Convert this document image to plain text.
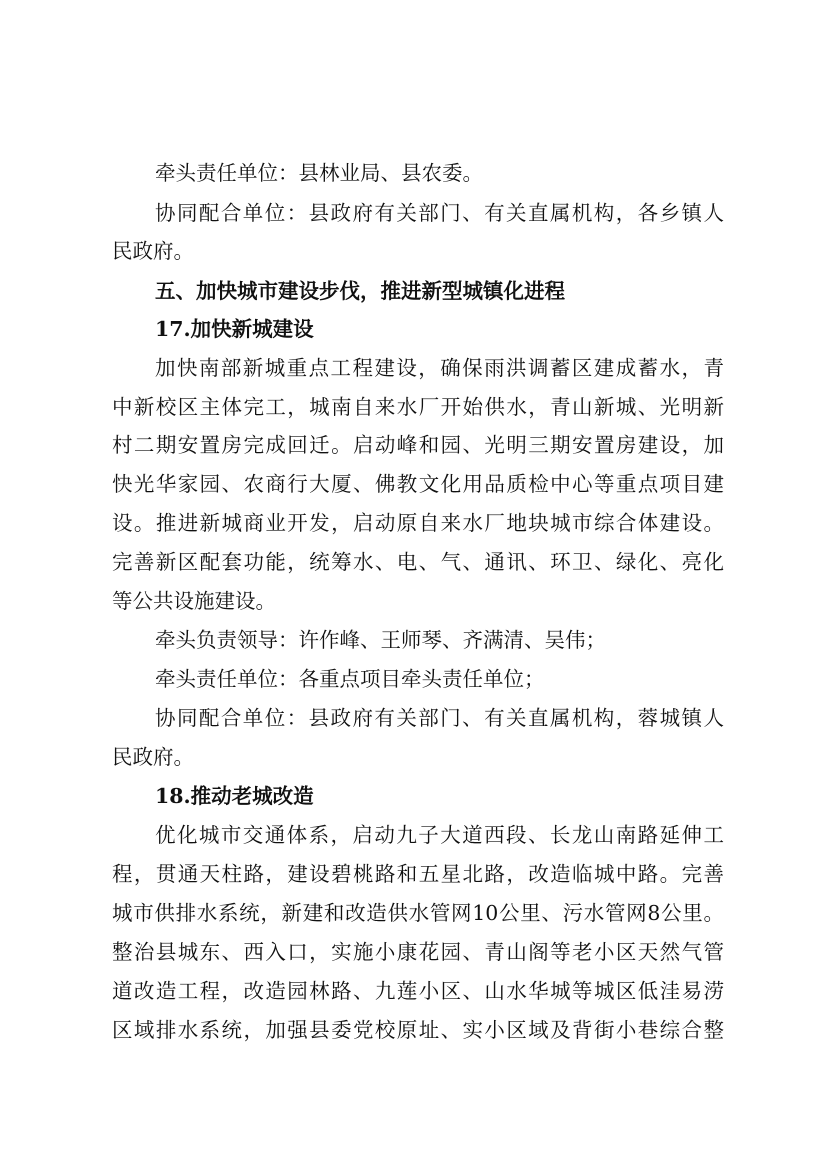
牵头责任单位：县林业局、县农委。
协同配合单位：县政府有关部门、有关直属机构，各乡镇人
民政府。
五、加快城市建设步伐，推进新型城镇化进程
17.加快新城建设
加快南部新城重点工程建设，确保雨洪调蓄区建成蓄水，青
中新校区主体完工，城南自来水厂开始供水，青山新城、光明新
村二期安置房完成回迁。启动峰和园、光明三期安置房建设，加
快光华家园、农商行大厦、佛教文化用品质检中心等重点项目建
设。推进新城商业开发，启动原自来水厂地块城市综合体建设。
完善新区配套功能，统筹水、电、气、通讯、环卫、绿化、亮化
等公共设施建设。
牵头负责领导：许作峰、王师琴、齐满清、吴伟；
牵头责任单位：各重点项目牵头责任单位；
协同配合单位：县政府有关部门、有关直属机构，蓉城镇人
民政府。
18.推动老城改造
优化城市交通体系，启动九子大道西段、长龙山南路延伸工
程，贯通天柱路，建设碧桃路和五星北路，改造临城中路。完善
城市供排水系统，新建和改造供水管网10公里、污水管网8公里。
整治县城东、西入口，实施小康花园、青山阁等老小区天然气管
道改造工程，改造园林路、九莲小区、山水华城等城区低洼易涝
区域排水系统，加强县委党校原址、实小区域及背街小巷综合整
